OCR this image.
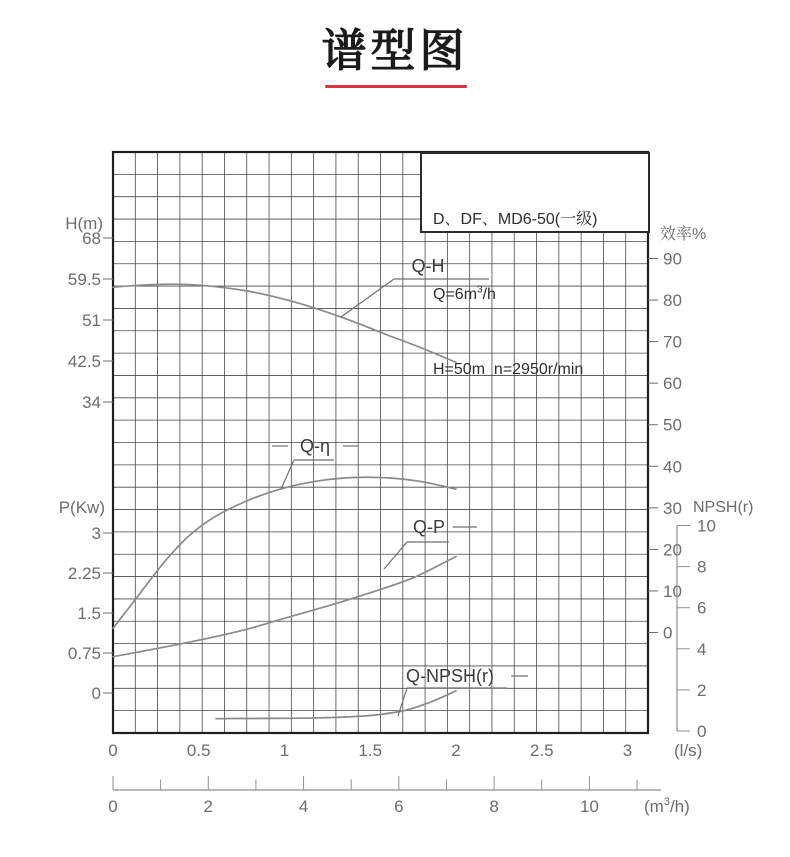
谱型图
H(m)
68
59.5
51
42.5
34
P(Kw)
3
2.25
1.5
0.75
0
效率%
90
80
70
60
50
40
30
20
10
0
NPSH(r)
10
8
6
4
2
0
0	0.5	1	1.5	2	2.5	3 (l/s)
0	2	4	6	8	10	$(m^3/h)$
Q-H
Q-η
Q-P
Q-NPSH(r)

D、DF、MD6-50(一级)

$Q=6m^3/h$

H=50m  n=2950r/min
